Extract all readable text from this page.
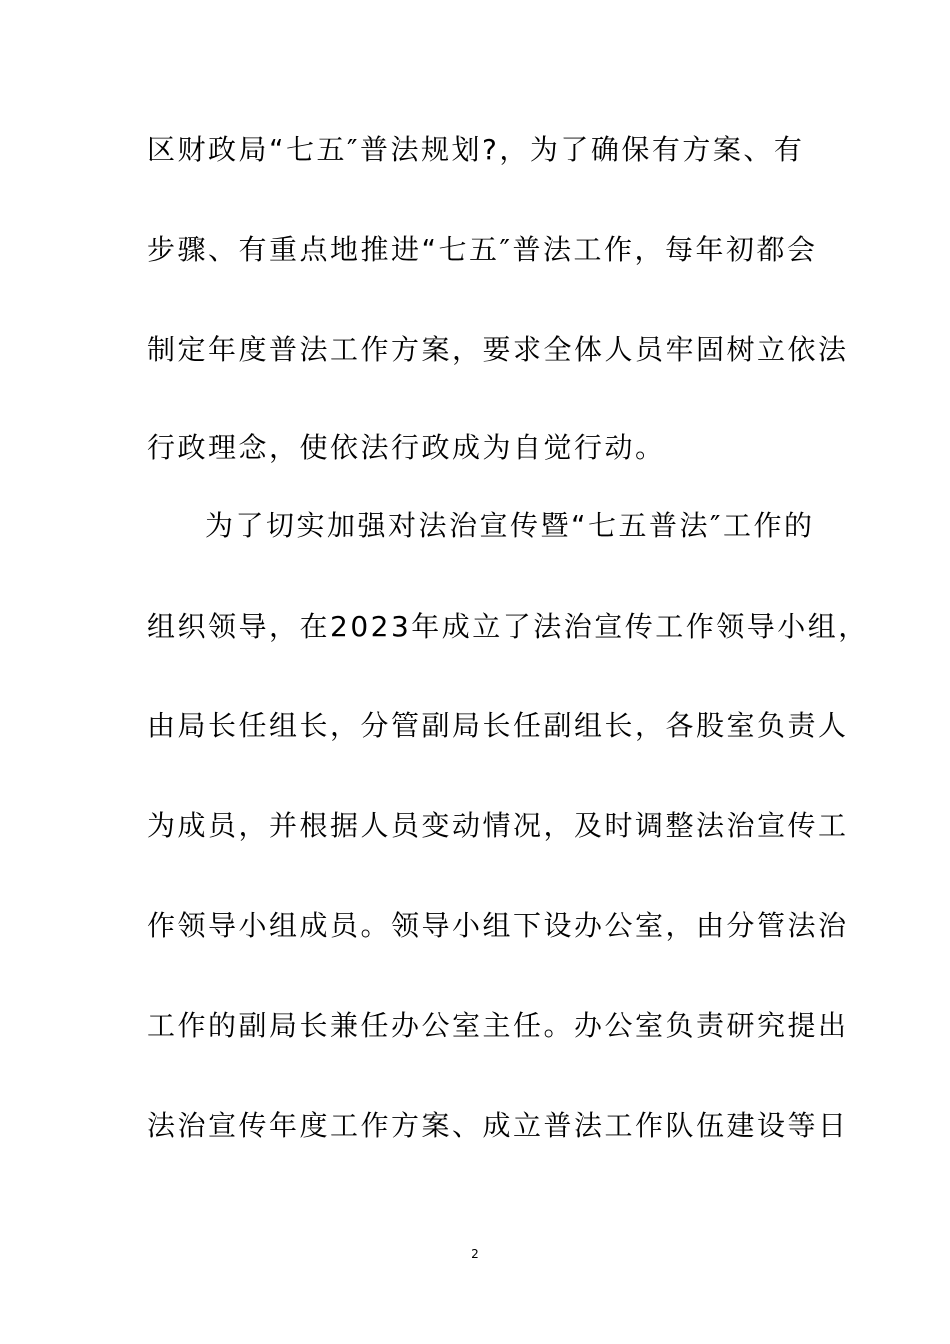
区财政局“七五″普法规划?，为了确保有方案、有
步骤、有重点地推进“七五″普法工作，每年初都会
制定年度普法工作方案，要求全体人员牢固树立依法
行政理念，使依法行政成为自觉行动。
为了切实加强对法治宣传暨“七五普法″工作的
组织领导，在2023年成立了法治宣传工作领导小组，
由局长任组长，分管副局长任副组长，各股室负责人
为成员，并根据人员变动情况，及时调整法治宣传工
作领导小组成员。领导小组下设办公室，由分管法治
工作的副局长兼任办公室主任。办公室负责研究提出
法治宣传年度工作方案、成立普法工作队伍建设等日
2
